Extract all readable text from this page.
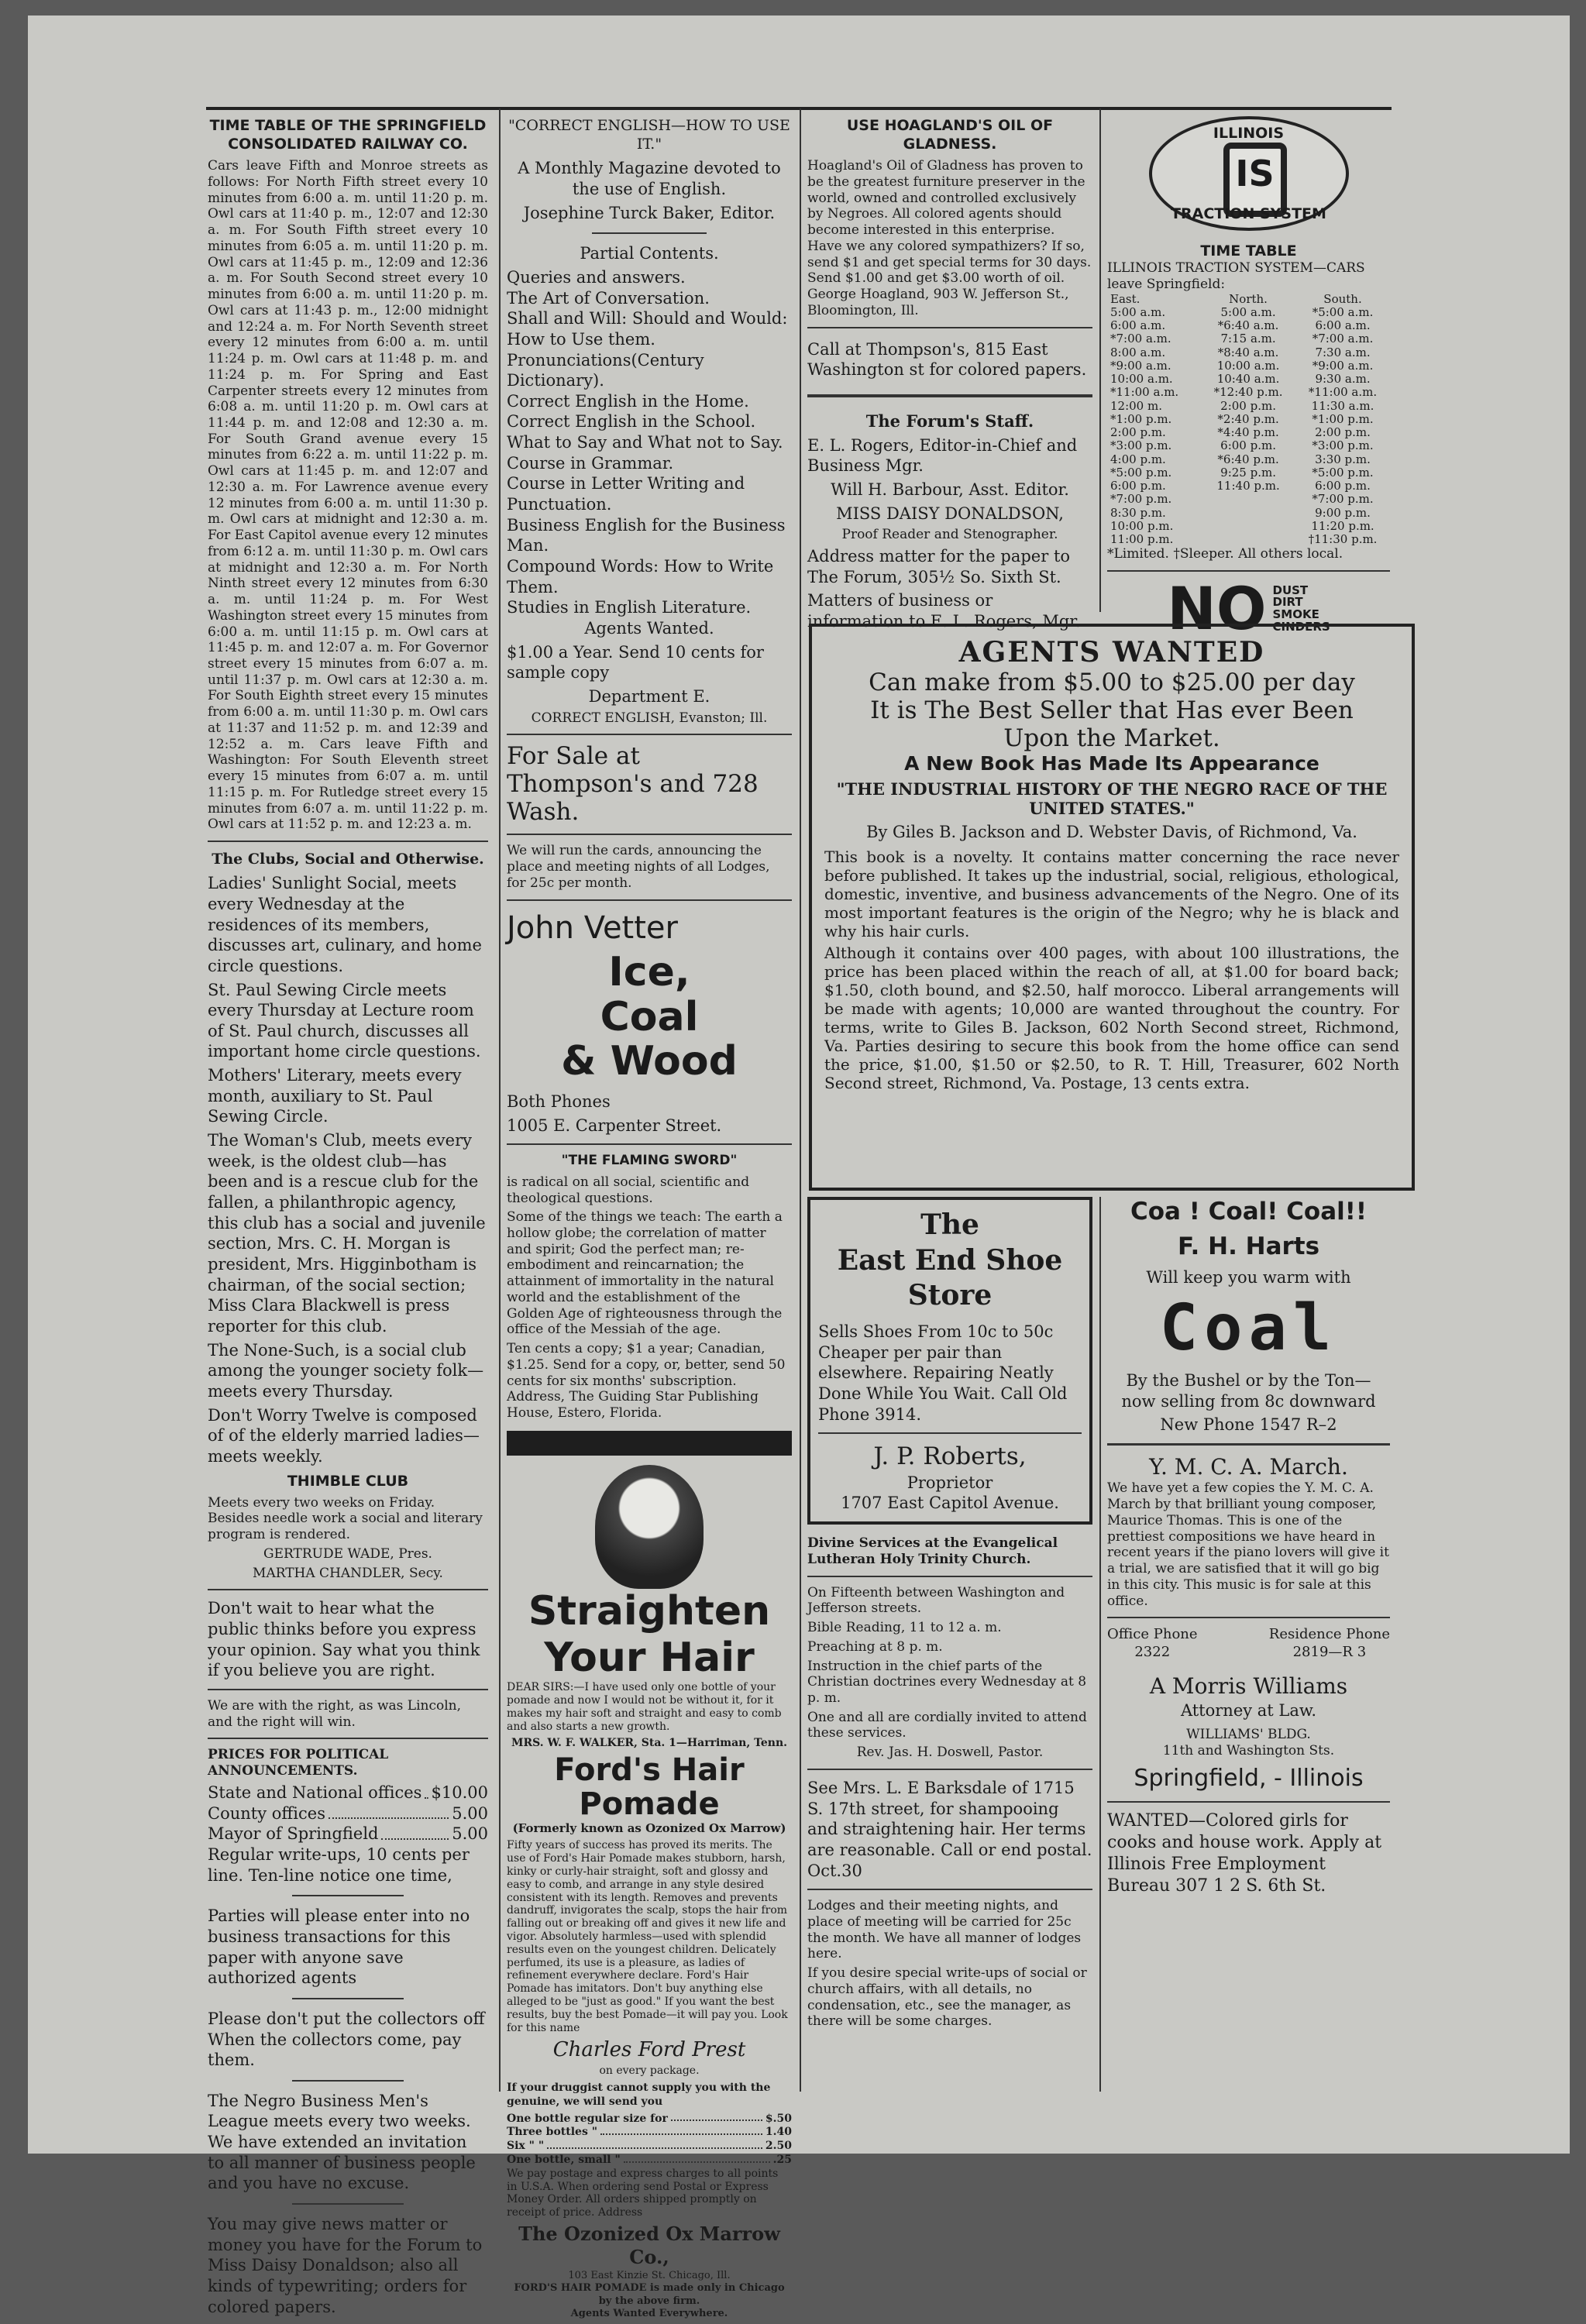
TIME TABLE OF THE SPRINGFIELD CONSOLIDATED RAILWAY CO.

Cars leave Fifth and Monroe streets as follows: For North Fifth street every 10 minutes from 6:00 a. m. until 11:20 p. m. Owl cars at 11:40 p. m., 12:07 and 12:30 a. m. For South Fifth street every 10 minutes from 6:05 a. m. until 11:20 p. m. Owl cars at 11:45 p. m., 12:09 and 12:36 a. m. For South Second street every 10 minutes from 6:00 a. m. until 11:20 p. m. Owl cars at 11:43 p. m., 12:00 midnight and 12:24 a. m. For North Seventh street every 12 minutes from 6:00 a. m. until 11:24 p. m. Owl cars at 11:48 p. m. and 11:24 p. m. For Spring and East Carpenter streets every 12 minutes from 6:08 a. m. until 11:20 p. m. Owl cars at 11:44 p. m. and 12:08 and 12:30 a. m. For South Grand avenue every 15 minutes from 6:22 a. m. until 11:22 p. m. Owl cars at 11:45 p. m. and 12:07 and 12:30 a. m. For Lawrence avenue every 12 minutes from 6:00 a. m. until 11:30 p. m. Owl cars at midnight and 12:30 a. m. For East Capitol avenue every 12 minutes from 6:12 a. m. until 11:30 p. m. Owl cars at midnight and 12:30 a. m. For North Ninth street every 12 minutes from 6:30 a. m. until 11:24 p. m. For West Washington street every 15 minutes from 6:00 a. m. until 11:15 p. m. Owl cars at 11:45 p. m. and 12:07 a. m. For Governor street every 15 minutes from 6:07 a. m. until 11:37 p. m. Owl cars at 12:30 a. m. For South Eighth street every 15 minutes from 6:00 a. m. until 11:30 p. m. Owl cars at 11:37 and 11:52 p. m. and 12:39 and 12:52 a. m. Cars leave Fifth and Washington: For South Eleventh street every 15 minutes from 6:07 a. m. until 11:15 p. m. For Rutledge street every 15 minutes from 6:07 a. m. until 11:22 p. m. Owl cars at 11:52 p. m. and 12:23 a. m.

The Clubs, Social and Otherwise.

Ladies' Sunlight Social, meets every Wednesday at the residences of its members, discusses art, culinary, and home circle questions.

St. Paul Sewing Circle meets every Thursday at Lecture room of St. Paul church, discusses all important home circle questions.

Mothers' Literary, meets every month, auxiliary to St. Paul Sewing Circle.

The Woman's Club, meets every week, is the oldest club—has been and is a rescue club for the fallen, a philanthropic agency, this club has a social and juvenile section, Mrs. C. H. Morgan is president, Mrs. Higginbotham is chairman, of the social section; Miss Clara Blackwell is press reporter for this club.

The None-Such, is a social club among the younger society folk—meets every Thursday.

Don't Worry Twelve is composed of of the elderly married ladies—meets weekly.

THIMBLE CLUB

Meets every two weeks on Friday. Besides needle work a social and literary program is rendered.

GERTRUDE WADE, Pres.

MARTHA CHANDLER, Secy.

Don't wait to hear what the public thinks before you express your opinion. Say what you think if you believe you are right.

We are with the right, as was Lincoln, and the right will win.

PRICES FOR POLITICAL ANNOUNCEMENTS.

State and National offices $10.00
County offices	5.00
Mayor of Springfield	5.00

Regular write-ups, 10 cents per line. Ten-line notice one time,

Parties will please enter into no business transactions for this paper with anyone save authorized agents

Please don't put the collectors off When the collectors come, pay them.

The Negro Business Men's League meets every two weeks. We have extended an invitation to all manner of business people and you have no excuse.

You may give news matter or money you have for the Forum to Miss Daisy Donaldson; also all kinds of typewriting; orders for colored papers.

"CORRECT ENGLISH—HOW TO USE IT."

A Monthly Magazine devoted to the use of English.

Josephine Turck Baker, Editor.

Partial Contents.

Queries and answers.

The Art of Conversation.

Shall and Will: Should and Would: How to Use them.

Pronunciations(Century Dictionary).

Correct English in the Home.

Correct English in the School.

What to Say and What not to Say.

Course in Grammar.

Course in Letter Writing and Punctuation.

Business English for the Business Man.

Compound Words: How to Write Them.

Studies in English Literature.

Agents Wanted.

$1.00 a Year. Send 10 cents for sample copy

Department E.

CORRECT ENGLISH, Evanston; Ill.

For Sale at Thompson's and 728 Wash.

We will run the cards, announcing the place and meeting nights of all Lodges, for 25c per month.

John Vetter

Ice,

Coal

& Wood

Both Phones

1005 E. Carpenter Street.

"THE FLAMING SWORD"

is radical on all social, scientific and theological questions.

Some of the things we teach: The earth a hollow globe; the correlation of matter and spirit; God the perfect man; re-embodiment and reincarnation; the attainment of immortality in the natural world and the establishment of the Golden Age of righteousness through the office of the Messiah of the age.

Ten cents a copy; $1 a year; Canadian, $1.25. Send for a copy, or, better, send 50 cents for six months' subscription. Address, The Guiding Star Publishing House, Estero, Florida.

Straighten

Your Hair

DEAR SIRS:—I have used only one bottle of your pomade and now I would not be without it, for it makes my hair soft and straight and easy to comb and also starts a new growth.

MRS. W. F. WALKER, Sta. 1—Harriman, Tenn.

Ford's Hair

Pomade

(Formerly known as Ozonized Ox Marrow)

Fifty years of success has proved its merits. The use of Ford's Hair Pomade makes stubborn, harsh, kinky or curly-hair straight, soft and glossy and easy to comb, and arrange in any style desired consistent with its length. Removes and prevents dandruff, invigorates the scalp, stops the hair from falling out or breaking off and gives it new life and vigor. Absolutely harmless—used with splendid results even on the youngest children. Delicately perfumed, its use is a pleasure, as ladies of refinement everywhere declare. Ford's Hair Pomade has imitators. Don't buy anything else alleged to be "just as good." If you want the best results, buy the best Pomade—it will pay you. Look for this name

Charles Ford Prest

on every package.

If your druggist cannot supply you with the genuine, we will send you

One bottle regular size for	$.50
Three bottles "	1.40
Six " "	2.50
One bottle, small "	.25

We pay postage and express charges to all points in U.S.A. When ordering send Postal or Express Money Order. All orders shipped promptly on receipt of price. Address

The Ozonized Ox Marrow Co.,

103 East Kinzie St. Chicago, Ill.

FORD'S HAIR POMADE is made only in Chicago by the above firm.

Agents Wanted Everywhere.

USE HOAGLAND'S OIL OF GLADNESS.

Hoagland's Oil of Gladness has proven to be the greatest furniture preserver in the world, owned and controlled exclusively by Negroes. All colored agents should become interested in this enterprise. Have we any colored sympathizers? If so, send $1 and get special terms for 30 days. Send $1.00 and get $3.00 worth of oil. George Hoagland, 903 W. Jefferson St., Bloomington, Ill.

Call at Thompson's, 815 East Washington st for colored papers.

The Forum's Staff.

E. L. Rogers, Editor-in-Chief and Business Mgr.

Will H. Barbour, Asst. Editor.

MISS DAISY DONALDSON,

Proof Reader and Stenographer.

Address matter for the paper to The Forum, 305½ So. Sixth St.

Matters of business or information to E. L. Rogers, Mgr.

ILLINOIS
IS
TRACTION SYSTEM
TIME TABLE

ILLINOIS TRACTION SYSTEM—CARS leave Springfield:

East.	North.	South.
5:00 a.m.	5:00 a.m.	*5:00 a.m.
6:00 a.m.	*6:40 a.m.	6:00 a.m.
*7:00 a.m.	7:15 a.m.	*7:00 a.m.
8:00 a.m.	*8:40 a.m.	7:30 a.m.
*9:00 a.m.	10:00 a.m.	*9:00 a.m.
10:00 a.m.	10:40 a.m.	9:30 a.m.
*11:00 a.m.	*12:40 p.m.	*11:00 a.m.
12:00 m.	2:00 p.m.	11:30 a.m.
*1:00 p.m.	*2:40 p.m.	*1:00 p.m.
2:00 p.m.	*4:40 p.m.	2:00 p.m.
*3:00 p.m.	6:00 p.m.	*3:00 p.m.
4:00 p.m.	*6:40 p.m.	3:30 p.m.
*5:00 p.m.	9:25 p.m.	*5:00 p.m.
6:00 p.m.	11:40 p.m.	6:00 p.m.
*7:00 p.m.		*7:00 p.m.
8:30 p.m.		9:00 p.m.
10:00 p.m.		11:20 p.m.
11:00 p.m.		†11:30 p.m.

*Limited. †Sleeper. All others local.

NO DUST
DIRT
SMOKE
CINDERS
AGENTS WANTED
Can make from $5.00 to $25.00 per day
It is The Best Seller that Has ever Been
Upon the Market.
A New Book Has Made Its Appearance
"THE INDUSTRIAL HISTORY OF THE NEGRO RACE OF THE UNITED STATES."
By Giles B. Jackson and D. Webster Davis, of Richmond, Va.

This book is a novelty. It contains matter concerning the race never before published. It takes up the industrial, social, religious, ethological, domestic, inventive, and business advancements of the Negro. One of its most important features is the origin of the Negro; why he is black and why his hair curls.

Although it contains over 400 pages, with about 100 illustrations, the price has been placed within the reach of all, at $1.00 for board back; $1.50, cloth bound, and $2.50, half morocco. Liberal arrangements will be made with agents; 10,000 are wanted throughout the country. For terms, write to Giles B. Jackson, 602 North Second street, Richmond, Va. Parties desiring to secure this book from the home office can send the price, $1.00, $1.50 or $2.50, to R. T. Hill, Treasurer, 602 North Second street, Richmond, Va. Postage, 13 cents extra.

The
East End Shoe
Store

Sells Shoes From 10c to 50c Cheaper per pair than elsewhere. Repairing Neatly Done While You Wait. Call Old Phone 3914.

J. P. Roberts,
Proprietor
1707 East Capitol Avenue.
Divine Services at the Evangelical Lutheran Holy Trinity Church.

On Fifteenth between Washington and Jefferson streets.

Bible Reading, 11 to 12 a. m.

Preaching at 8 p. m.

Instruction in the chief parts of the Christian doctrines every Wednesday at 8 p. m.

One and all are cordially invited to attend these services.

Rev. Jas. H. Doswell, Pastor.

See Mrs. L. E Barksdale of 1715 S. 17th street, for shampooing and straightening hair. Her terms are reasonable. Call or end postal. Oct.30

Lodges and their meeting nights, and place of meeting will be carried for 25c the month. We have all manner of lodges here.

If you desire special write-ups of social or church affairs, with all details, no condensation, etc., see the manager, as there will be some charges.

Coa ! Coal! Coal!!
F. H. Harts
Will keep you warm with
Coal

By the Bushel or by the Ton— now selling from 8c downward

New Phone 1547 R–2

Y. M. C. A. March.

We have yet a few copies the Y. M. C. A. March by that brilliant young composer, Maurice Thomas. This is one of the prettiest compositions we have heard in recent years if the piano lovers will give it a trial, we are satisfied that it will go big in this city. This music is for sale at this office.

Office Phone
2322
Residence Phone
2819—R 3
A Morris Williams
Attorney at Law.
WILLIAMS' BLDG.
11th and Washington Sts.
Springfield, - Illinois

WANTED—Colored girls for cooks and house work. Apply at Illinois Free Employment Bureau 307 1 2 S. 6th St.
